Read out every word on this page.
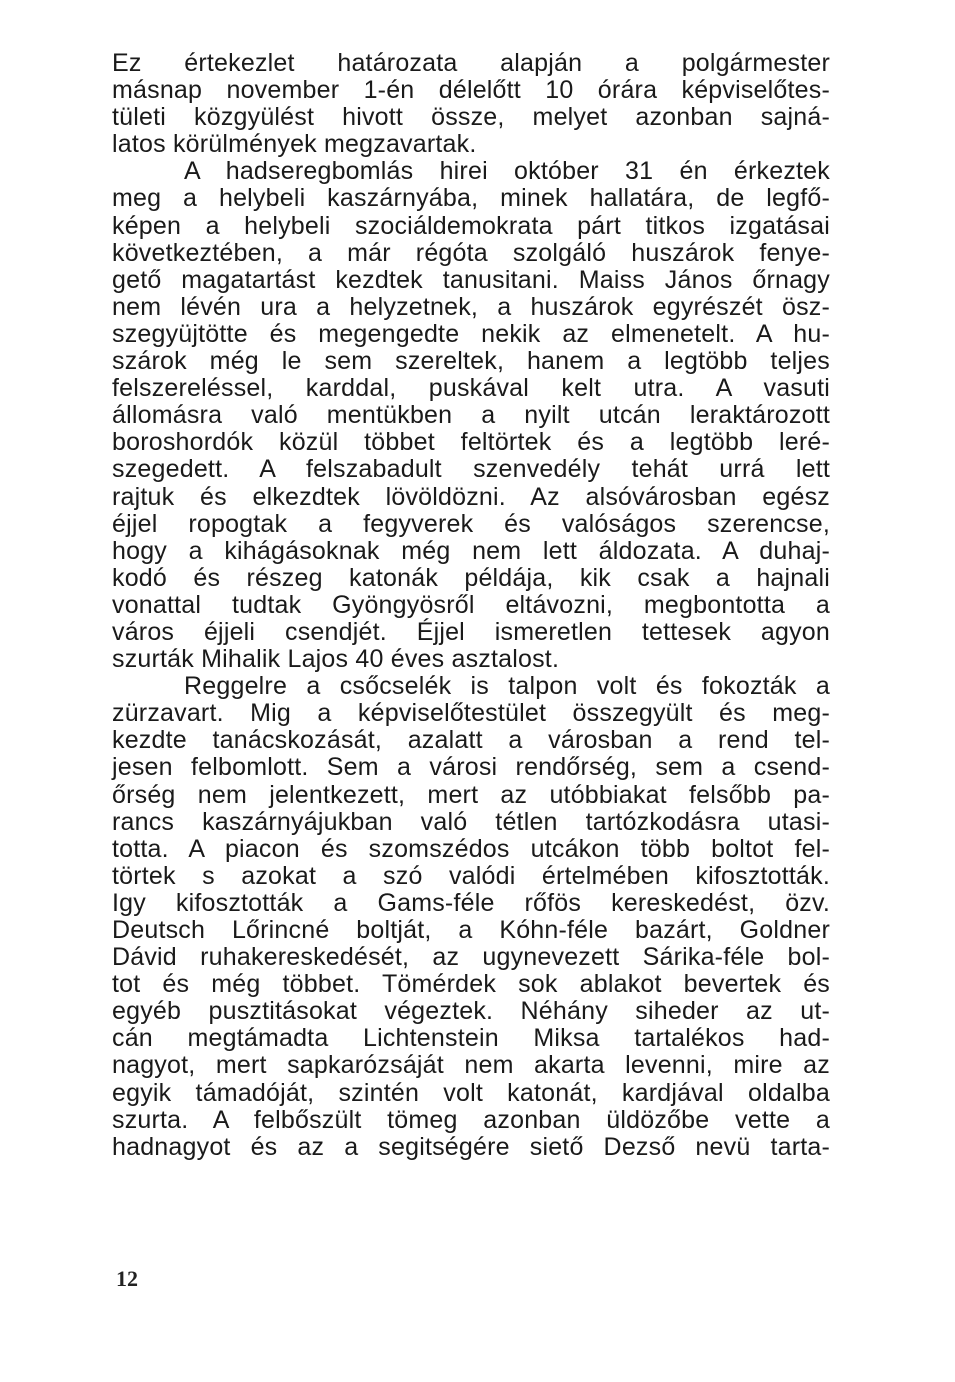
Ez értekezlet határozata alapján a polgármester
másnap november 1-én délelőtt 10 órára képviselőtes-
tületi közgyülést hivott össze, melyet azonban sajná-
latos körülmények megzavartak.
A hadseregbomlás hirei október 31 én érkeztek
meg a helybeli kaszárnyába, minek hallatára, de legfő-
képen a helybeli szociáldemokrata párt titkos izgatásai
következtében, a már régóta szolgáló huszárok fenye-
gető magatartást kezdtek tanusitani. Maiss János őrnagy
nem lévén ura a helyzetnek, a huszárok egyrészét ösz-
szegyüjtötte és megengedte nekik az elmenetelt. A hu-
szárok még le sem szereltek, hanem a legtöbb teljes
felszereléssel, karddal, puskával kelt utra. A vasuti
állomásra való mentükben a nyilt utcán leraktározott
boroshordók közül többet feltörtek és a legtöbb leré-
szegedett. A felszabadult szenvedély tehát urrá lett
rajtuk és elkezdtek lövöldözni. Az alsóvárosban egész
éjjel ropogtak a fegyverek és valóságos szerencse,
hogy a kihágásoknak még nem lett áldozata. A duhaj-
kodó és részeg katonák példája, kik csak a hajnali
vonattal tudtak Gyöngyösről eltávozni, megbontotta a
város éjjeli csendjét. Éjjel ismeretlen tettesek agyon
szurták Mihalik Lajos 40 éves asztalost.
Reggelre a csőcselék is talpon volt és fokozták a
zürzavart. Mig a képviselőtestület összegyült és meg-
kezdte tanácskozását, azalatt a városban a rend tel-
jesen felbomlott. Sem a városi rendőrség, sem a csend-
őrség nem jelentkezett, mert az utóbbiakat felsőbb pa-
rancs kaszárnyájukban való tétlen tartózkodásra utasi-
totta. A piacon és szomszédos utcákon több boltot fel-
törtek s azokat a szó valódi értelmében kifosztották.
Igy kifosztották a Gams-féle rőfös kereskedést, özv.
Deutsch Lőrincné boltját, a Kóhn-féle bazárt, Goldner
Dávid ruhakereskedését, az ugynevezett Sárika-féle bol-
tot és még többet. Tömérdek sok ablakot bevertek és
egyéb pusztitásokat végeztek. Néhány siheder az ut-
cán megtámadta Lichtenstein Miksa tartalékos had-
nagyot, mert sapkarózsáját nem akarta levenni, mire az
egyik támadóját, szintén volt katonát, kardjával oldalba
szurta. A felbőszült tömeg azonban üldözőbe vette a
hadnagyot és az a segitségére siető Dezső nevü tarta-
12
